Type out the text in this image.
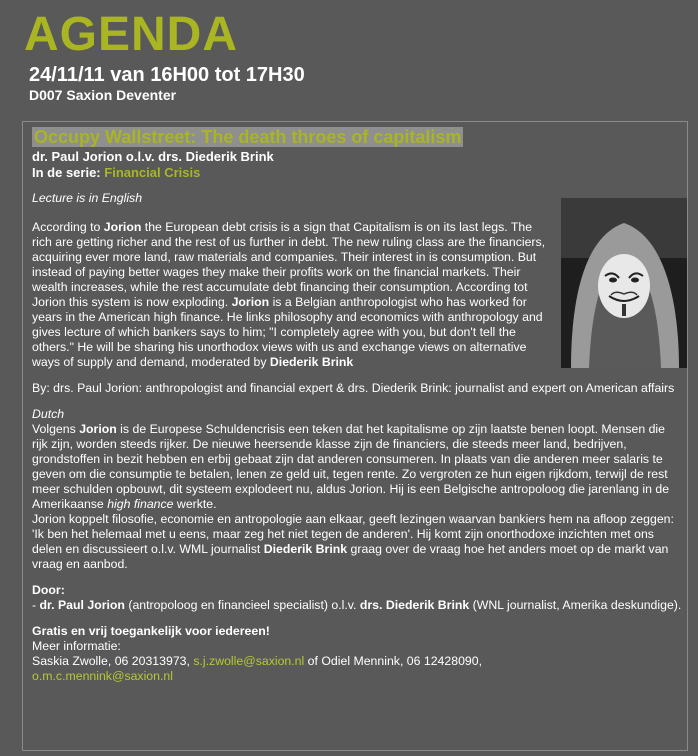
AGENDA
24/11/11 van 16H00 tot 17H30
D007 Saxion Deventer
Occupy Wallstreet: The death throes of capitalism
dr. Paul Jorion o.l.v. drs. Diederik Brink
In de serie: Financial Crisis
Lecture is in English
According to Jorion the European debt crisis is a sign that Capitalism is on its last legs. The rich are getting richer and the rest of us further in debt. The new ruling class are the financiers, acquiring ever more land, raw materials and companies. Their interest in is consumption. But instead of paying better wages they make their profits work on the financial markets. Their wealth increases, while the rest accumulate debt financing their consumption. According tot Jorion this system is now exploding. Jorion is a Belgian anthropologist who has worked for years in the American high finance. He links philosophy and economics with anthropology and gives lecture of which bankers says to him; "I completely agree with you, but don't tell the others." He will be sharing his unorthodox views with us and exchange views on alternative ways of supply and demand, moderated by Diederik Brink
By: drs. Paul Jorion: anthropologist and financial expert & drs. Diederik Brink: journalist and expert on American affairs
Dutch
Volgens Jorion is de Europese Schuldencrisis een teken dat het kapitalisme op zijn laatste benen loopt. Mensen die rijk zijn, worden steeds rijker. De nieuwe heersende klasse zijn de financiers, die steeds meer land, bedrijven, grondstoffen in bezit hebben en erbij gebaat zijn dat anderen consumeren. In plaats van die anderen meer salaris te geven om die consumptie te betalen, lenen ze geld uit, tegen rente. Zo vergroten ze hun eigen rijkdom, terwijl de rest meer schulden opbouwt, dit systeem explodeert nu, aldus Jorion. Hij is een Belgische antropoloog die jarenlang in de Amerikaanse high finance werkte.
Jorion koppelt filosofie, economie en antropologie aan elkaar, geeft lezingen waarvan bankiers hem na afloop zeggen: 'Ik ben het helemaal met u eens, maar zeg het niet tegen de anderen'. Hij komt zijn onorthodoxe inzichten met ons delen en discussieert o.l.v. WML journalist Diederik Brink graag over de vraag hoe het anders moet op de markt van vraag en aanbod.
Door:
- dr. Paul Jorion (antropoloog en financieel specialist) o.l.v. drs. Diederik Brink (WNL journalist, Amerika deskundige).
Gratis en vrij toegankelijk voor iedereen!
Meer informatie:
Saskia Zwolle, 06 20313973, s.j.zwolle@saxion.nl of Odiel Mennink, 06 12428090,
o.m.c.mennink@saxion.nl
